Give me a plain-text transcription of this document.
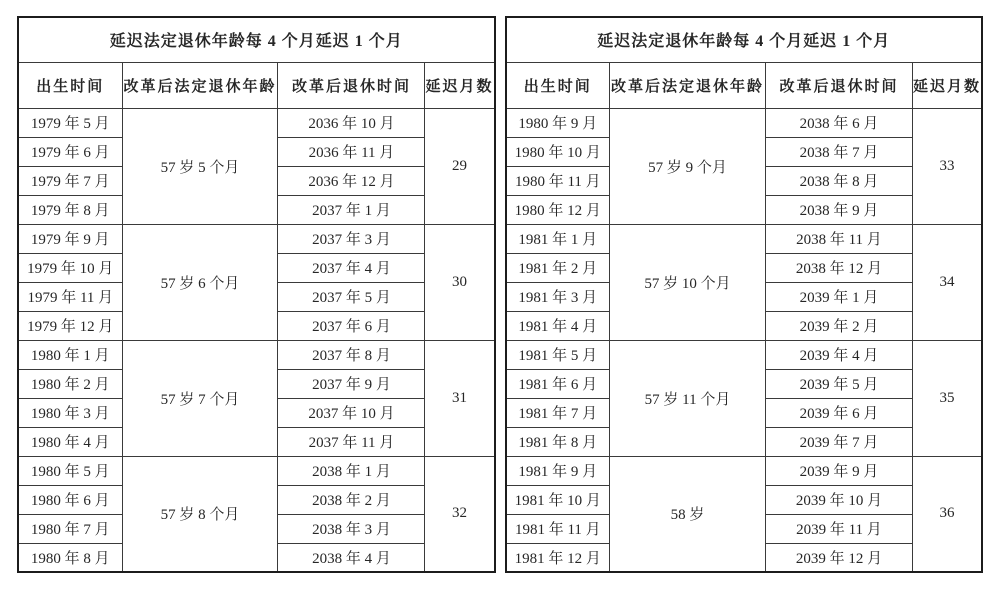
延迟法定退休年龄每 4 个月延迟 1 个月			
出生时间	改革后法定退休年龄	改革后退休时间	延迟月数
1979 年 5 月	57 岁 5 个月	2036 年 10 月	29
1979 年 6 月		2036 年 11 月	
1979 年 7 月		2036 年 12 月	
1979 年 8 月		2037 年 1 月	
1979 年 9 月	57 岁 6 个月	2037 年 3 月	30
1979 年 10 月		2037 年 4 月	
1979 年 11 月		2037 年 5 月	
1979 年 12 月		2037 年 6 月	
1980 年 1 月	57 岁 7 个月	2037 年 8 月	31
1980 年 2 月		2037 年 9 月	
1980 年 3 月		2037 年 10 月	
1980 年 4 月		2037 年 11 月	
1980 年 5 月	57 岁 8 个月	2038 年 1 月	32
1980 年 6 月		2038 年 2 月	
1980 年 7 月		2038 年 3 月	
1980 年 8 月		2038 年 4 月	
延迟法定退休年龄每 4 个月延迟 1 个月			
出生时间	改革后法定退休年龄	改革后退休时间	延迟月数
1980 年 9 月	57 岁 9 个月	2038 年 6 月	33
1980 年 10 月		2038 年 7 月	
1980 年 11 月		2038 年 8 月	
1980 年 12 月		2038 年 9 月	
1981 年 1 月	57 岁 10 个月	2038 年 11 月	34
1981 年 2 月		2038 年 12 月	
1981 年 3 月		2039 年 1 月	
1981 年 4 月		2039 年 2 月	
1981 年 5 月	57 岁 11 个月	2039 年 4 月	35
1981 年 6 月		2039 年 5 月	
1981 年 7 月		2039 年 6 月	
1981 年 8 月		2039 年 7 月	
1981 年 9 月	58 岁	2039 年 9 月	36
1981 年 10 月		2039 年 10 月	
1981 年 11 月		2039 年 11 月	
1981 年 12 月		2039 年 12 月	
